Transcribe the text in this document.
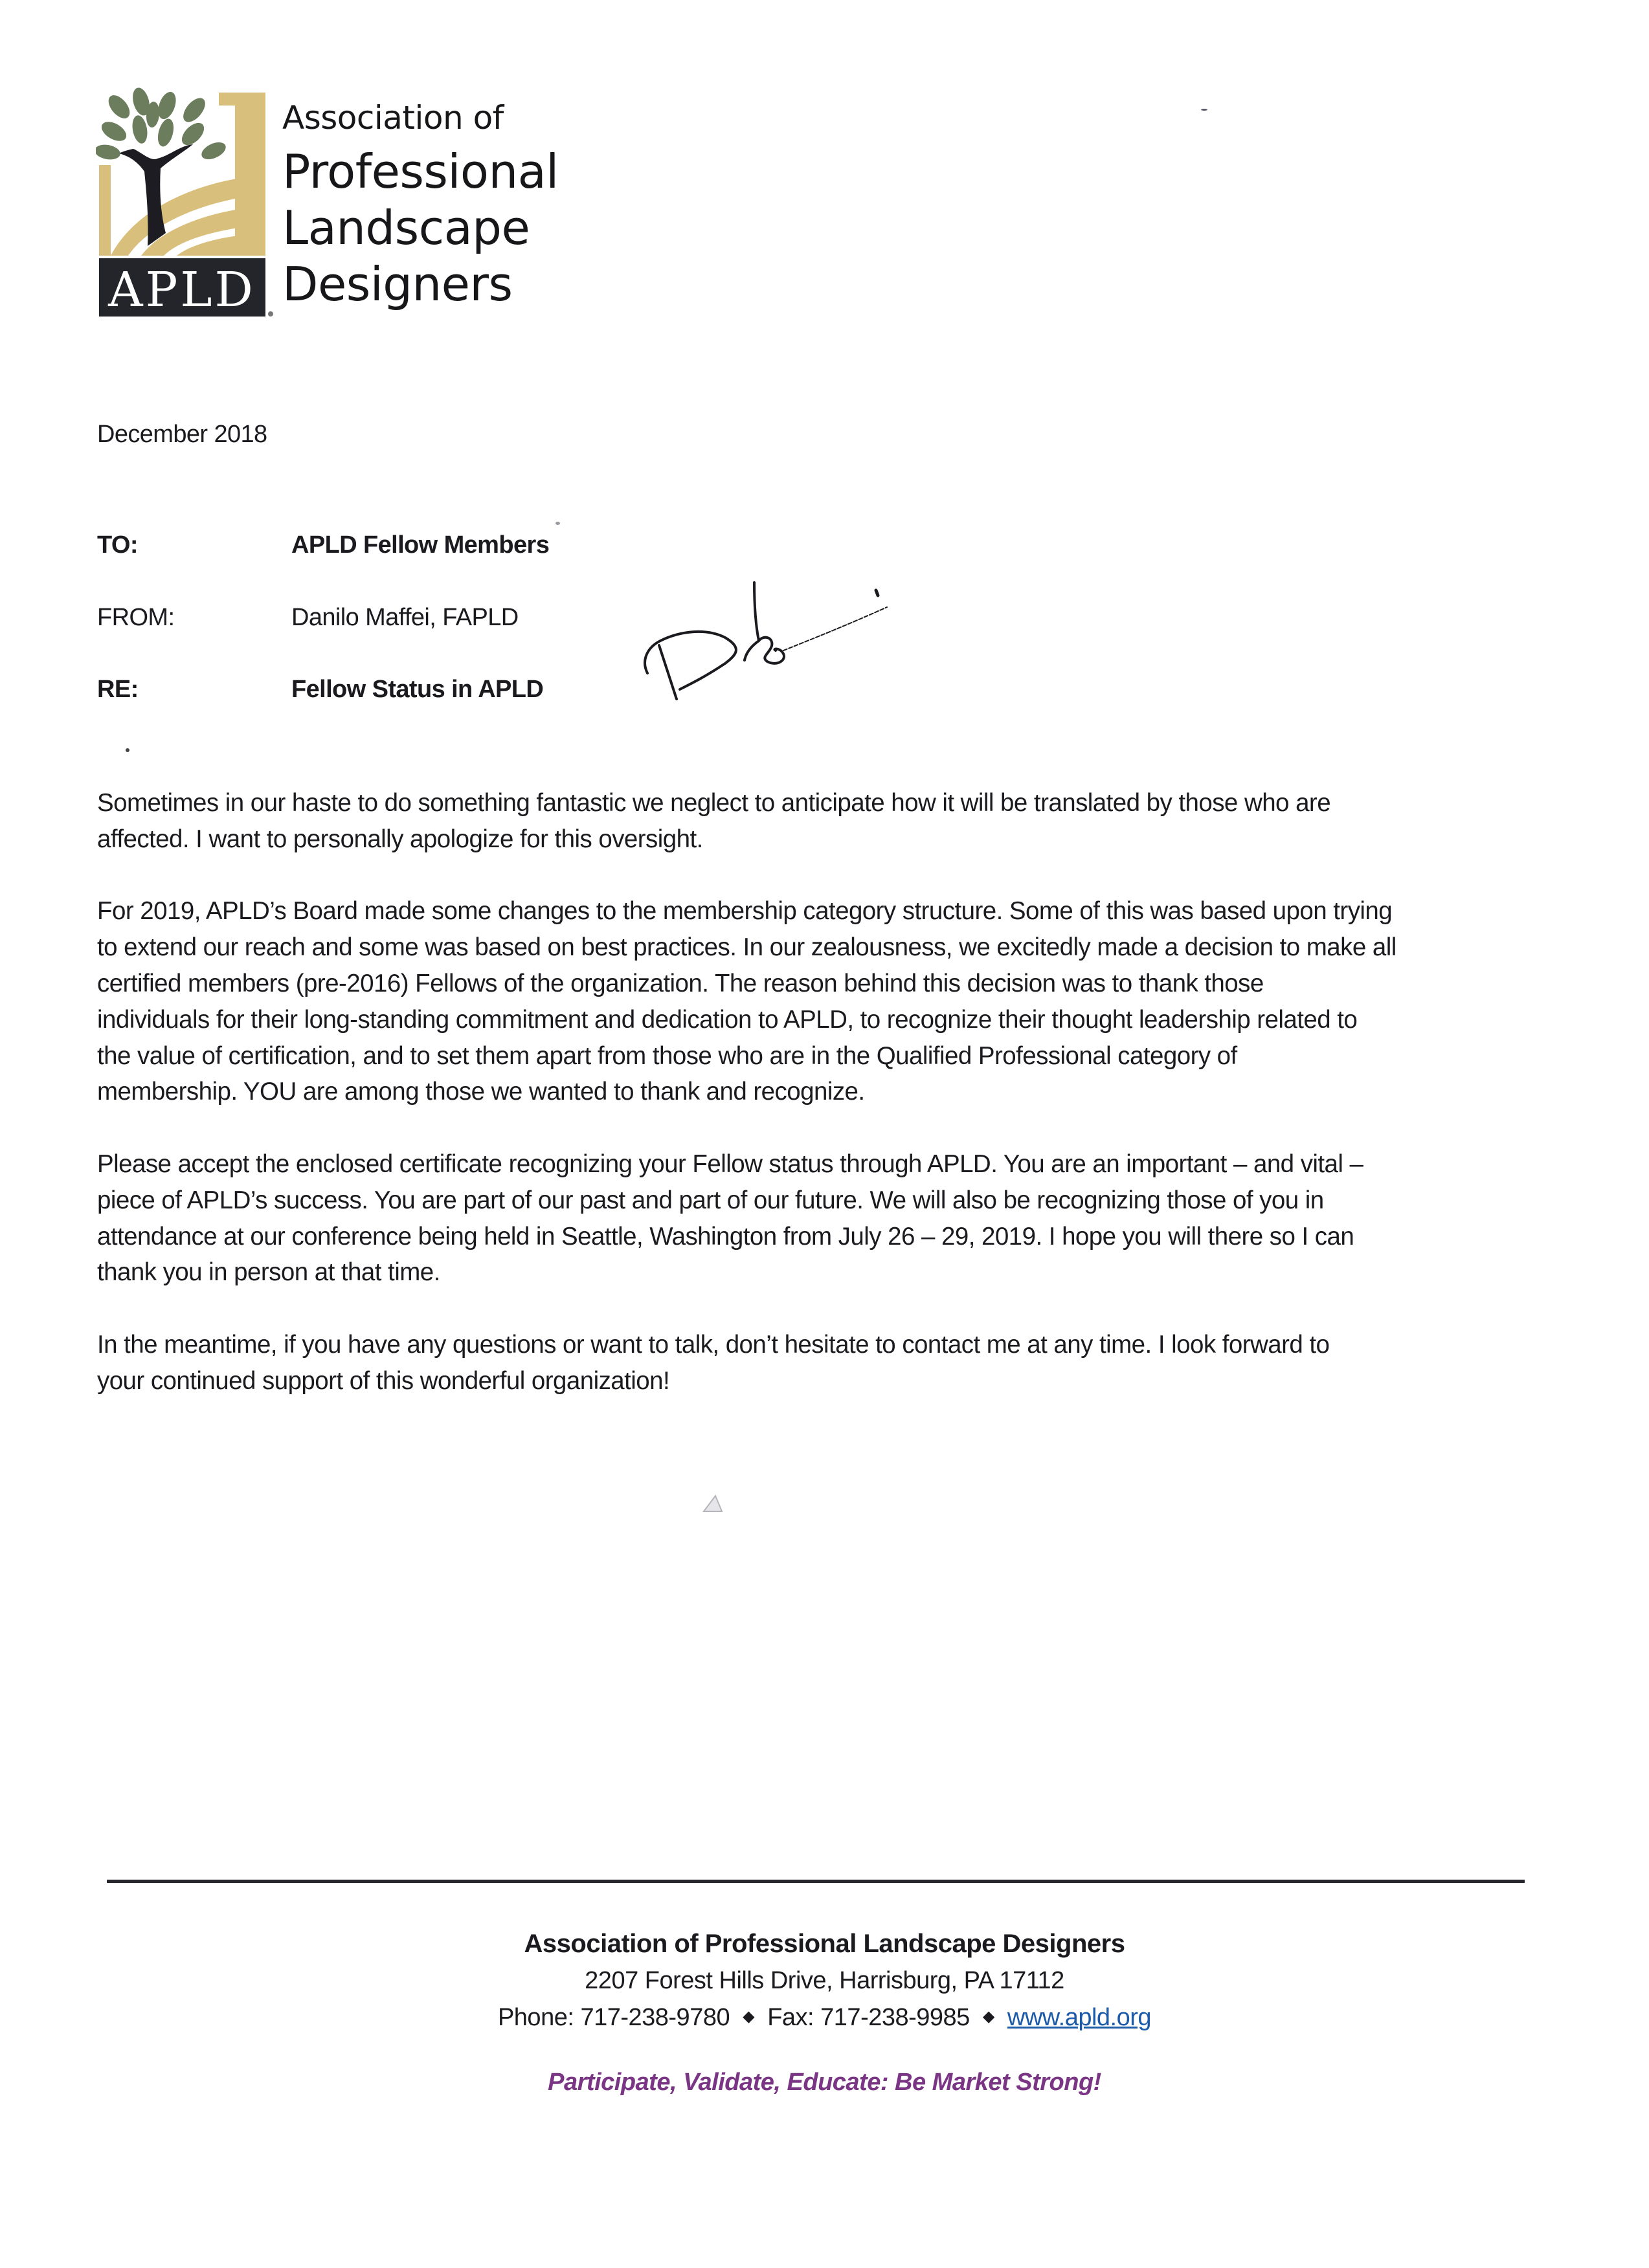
APLD
Association of
Professional
Landscape
Designers
December 2018
TO:	APLD Fellow Members
FROM:	Danilo Maffei, FAPLD
RE:	Fellow Status in APLD

Sometimes in our haste to do something fantastic we neglect to anticipate how it will be translated by those who are
affected. I want to personally apologize for this oversight.

For 2019, APLD’s Board made some changes to the membership category structure. Some of this was based upon trying
to extend our reach and some was based on best practices. In our zealousness, we excitedly made a decision to make all
certified members (pre-2016) Fellows of the organization. The reason behind this decision was to thank those
individuals for their long-standing commitment and dedication to APLD, to recognize their thought leadership related to
the value of certification, and to set them apart from those who are in the Qualified Professional category of
membership. YOU are among those we wanted to thank and recognize.

Please accept the enclosed certificate recognizing your Fellow status through APLD. You are an important – and vital –
piece of APLD’s success. You are part of our past and part of our future. We will also be recognizing those of you in
attendance at our conference being held in Seattle, Washington from July 26 – 29, 2019. I hope you will there so I can
thank you in person at that time.

In the meantime, if you have any questions or want to talk, don’t hesitate to contact me at any time. I look forward to
your continued support of this wonderful organization!

Association of Professional Landscape Designers
2207 Forest Hills Drive, Harrisburg, PA 17112
Phone: 717-238-9780 ◆ Fax: 717-238-9985 ◆ www.apld.org
Participate, Validate, Educate: Be Market Strong!
